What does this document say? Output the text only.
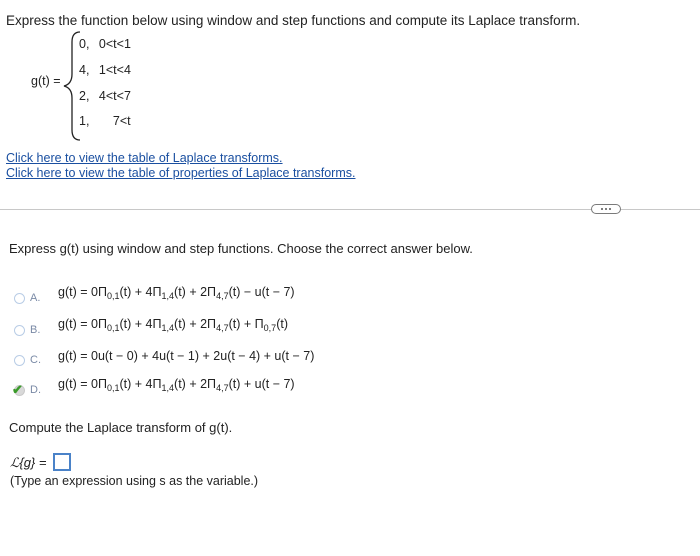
Express the function below using window and step functions and compute its Laplace transform.
g(t) =
0, 0<t<1
4, 1<t<4
2, 4<t<7
1, 7<t
Click here to view the table of Laplace transforms.
Click here to view the table of properties of Laplace transforms.
Express g(t) using window and step functions. Choose the correct answer below.
A. $g(t) = 0\Pi_{0,1}(t) + 4\Pi_{1,4}(t) + 2\Pi_{4,7}(t) - u(t - 7)$
B. $g(t) = 0\Pi_{0,1}(t) + 4\Pi_{1,4}(t) + 2\Pi_{4,7}(t) + \Pi_{0,7}(t)$
C. g(t) = 0u(t − 0) + 4u(t − 1) + 2u(t − 4) + u(t − 7)
✔ D. $g(t) = 0\Pi_{0,1}(t) + 4\Pi_{1,4}(t) + 2\Pi_{4,7}(t) + u(t - 7)$
Compute the Laplace transform of g(t).
ℒ{g} =
(Type an expression using s as the variable.)
